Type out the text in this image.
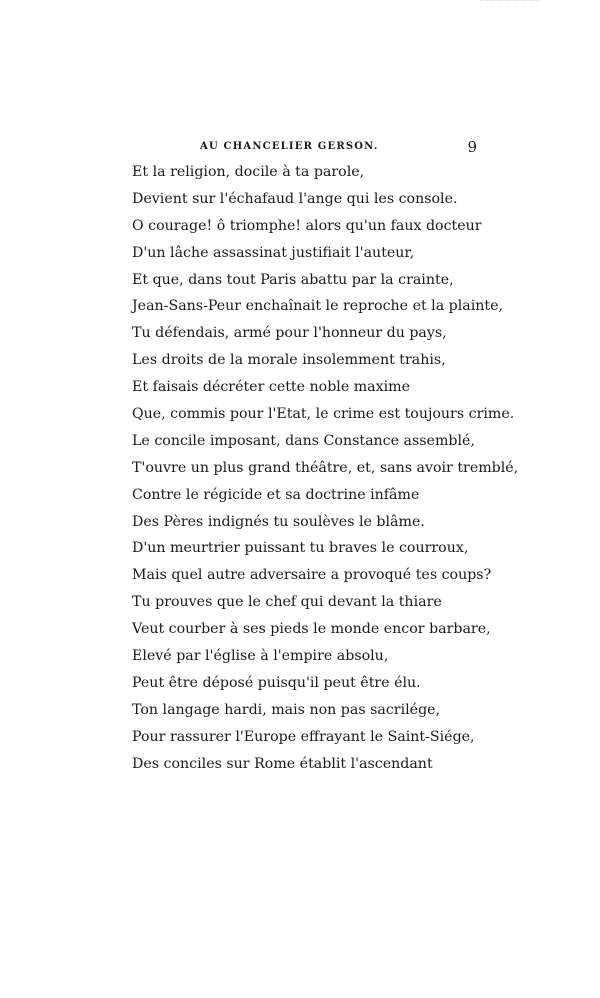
AU CHANCELIER GERSON.	9
Et la religion, docile à ta parole,
Devient sur l'échafaud l'ange qui les console.
O courage! ô triomphe! alors qu'un faux docteur
D'un lâche assassinat justifiait l'auteur,
Et que, dans tout Paris abattu par la crainte,
Jean-Sans-Peur enchaînait le reproche et la plainte,
Tu défendais, armé pour l'honneur du pays,
Les droits de la morale insolemment trahis,
Et faisais décréter cette noble maxime
Que, commis pour l'Etat, le crime est toujours crime.
Le concile imposant, dans Constance assemblé,
T'ouvre un plus grand théâtre, et, sans avoir tremblé,
Contre le régicide et sa doctrine infâme
Des Pères indignés tu soulèves le blâme.
D'un meurtrier puissant tu braves le courroux,
Mais quel autre adversaire a provoqué tes coups?
Tu prouves que le chef qui devant la thiare
Veut courber à ses pieds le monde encor barbare,
Elevé par l'église à l'empire absolu,
Peut être déposé puisqu'il peut être élu.
Ton langage hardi, mais non pas sacrilége,
Pour rassurer l'Europe effrayant le Saint-Siége,
Des conciles sur Rome établit l'ascendant
